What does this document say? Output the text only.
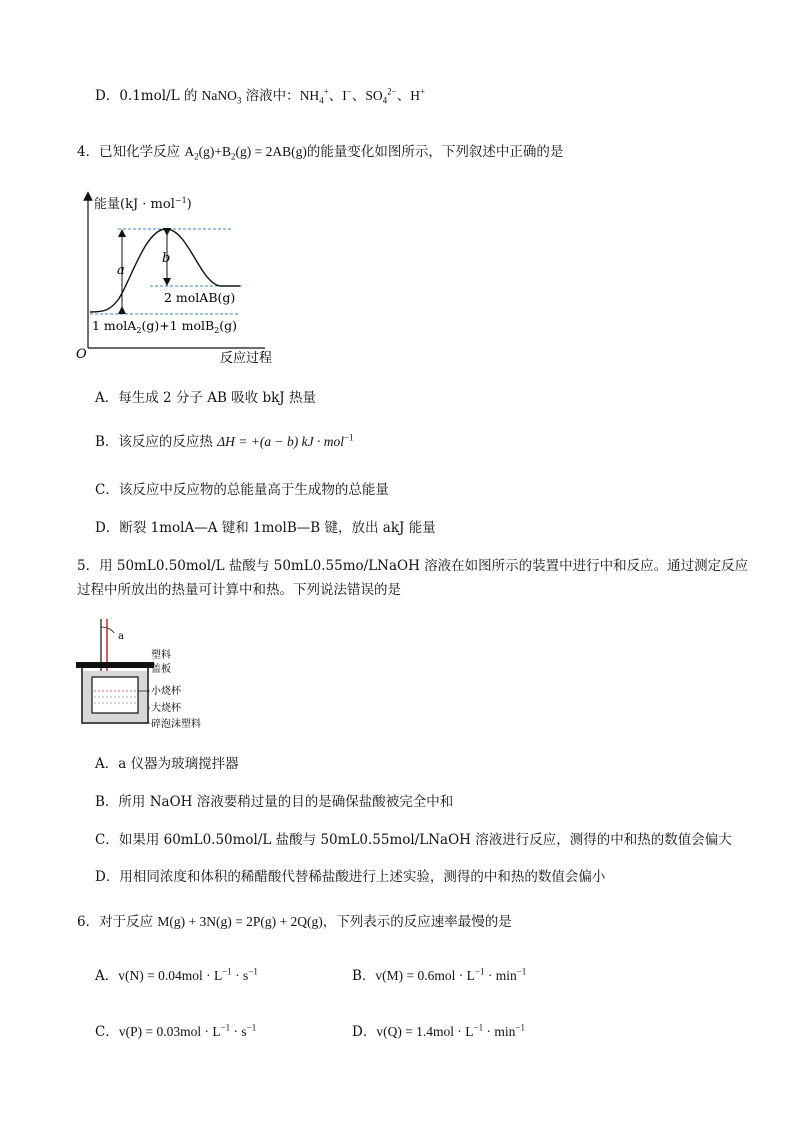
D．0.1mol/L 的 NaNO$_3$ 溶液中：$NH_4^+$、I−、$SO_4^{2-}$、H+
4．已知化学反应 $A_2(g)+B_2(g) = 2AB(g)$的能量变化如图所示，下列叙述中正确的是
能量(kJ · mol$^{-1}$)
a
b
2 molAB(g)
1 molA$_2$(g)+1 molB$_2$(g)
O	反应过程
A．每生成 2 分子 AB 吸收 bkJ 热量
B．该反应的反应热 ΔH = +(a − b) kJ · mol$^{-1}$
C．该反应中反应物的总能量高于生成物的总能量
D．断裂 1molA—A 键和 1molB—B 键，放出 akJ 能量
5．用 50mL0.50mol/L 盐酸与 50mL0.55mo/LNaOH 溶液在如图所示的装置中进行中和反应。通过测定反应
过程中所放出的热量可计算中和热。下列说法错误的是
a
塑料
盖板
小烧杯
大烧杯
碎泡沫塑料
A．a 仪器为玻璃搅拌器
B．所用 NaOH 溶液要稍过量的目的是确保盐酸被完全中和
C．如果用 60mL0.50mol/L 盐酸与 50mL0.55mol/LNaOH 溶液进行反应，测得的中和热的数值会偏大
D．用相同浓度和体积的稀醋酸代替稀盐酸进行上述实验，测得的中和热的数值会偏小
6．对于反应 M(g) + 3N(g) = 2P(g) + 2Q(g)，下列表示的反应速率最慢的是
A．$v(N) = 0.04mol \cdot L^{-1} \cdot s^{-1}$	B．$v(M) = 0.6mol \cdot L^{-1} \cdot \min^{-1}$
C．$v(P) = 0.03mol \cdot L^{-1} \cdot s^{-1}$	D．$v(Q) = 1.4mol \cdot L^{-1} \cdot \min^{-1}$
